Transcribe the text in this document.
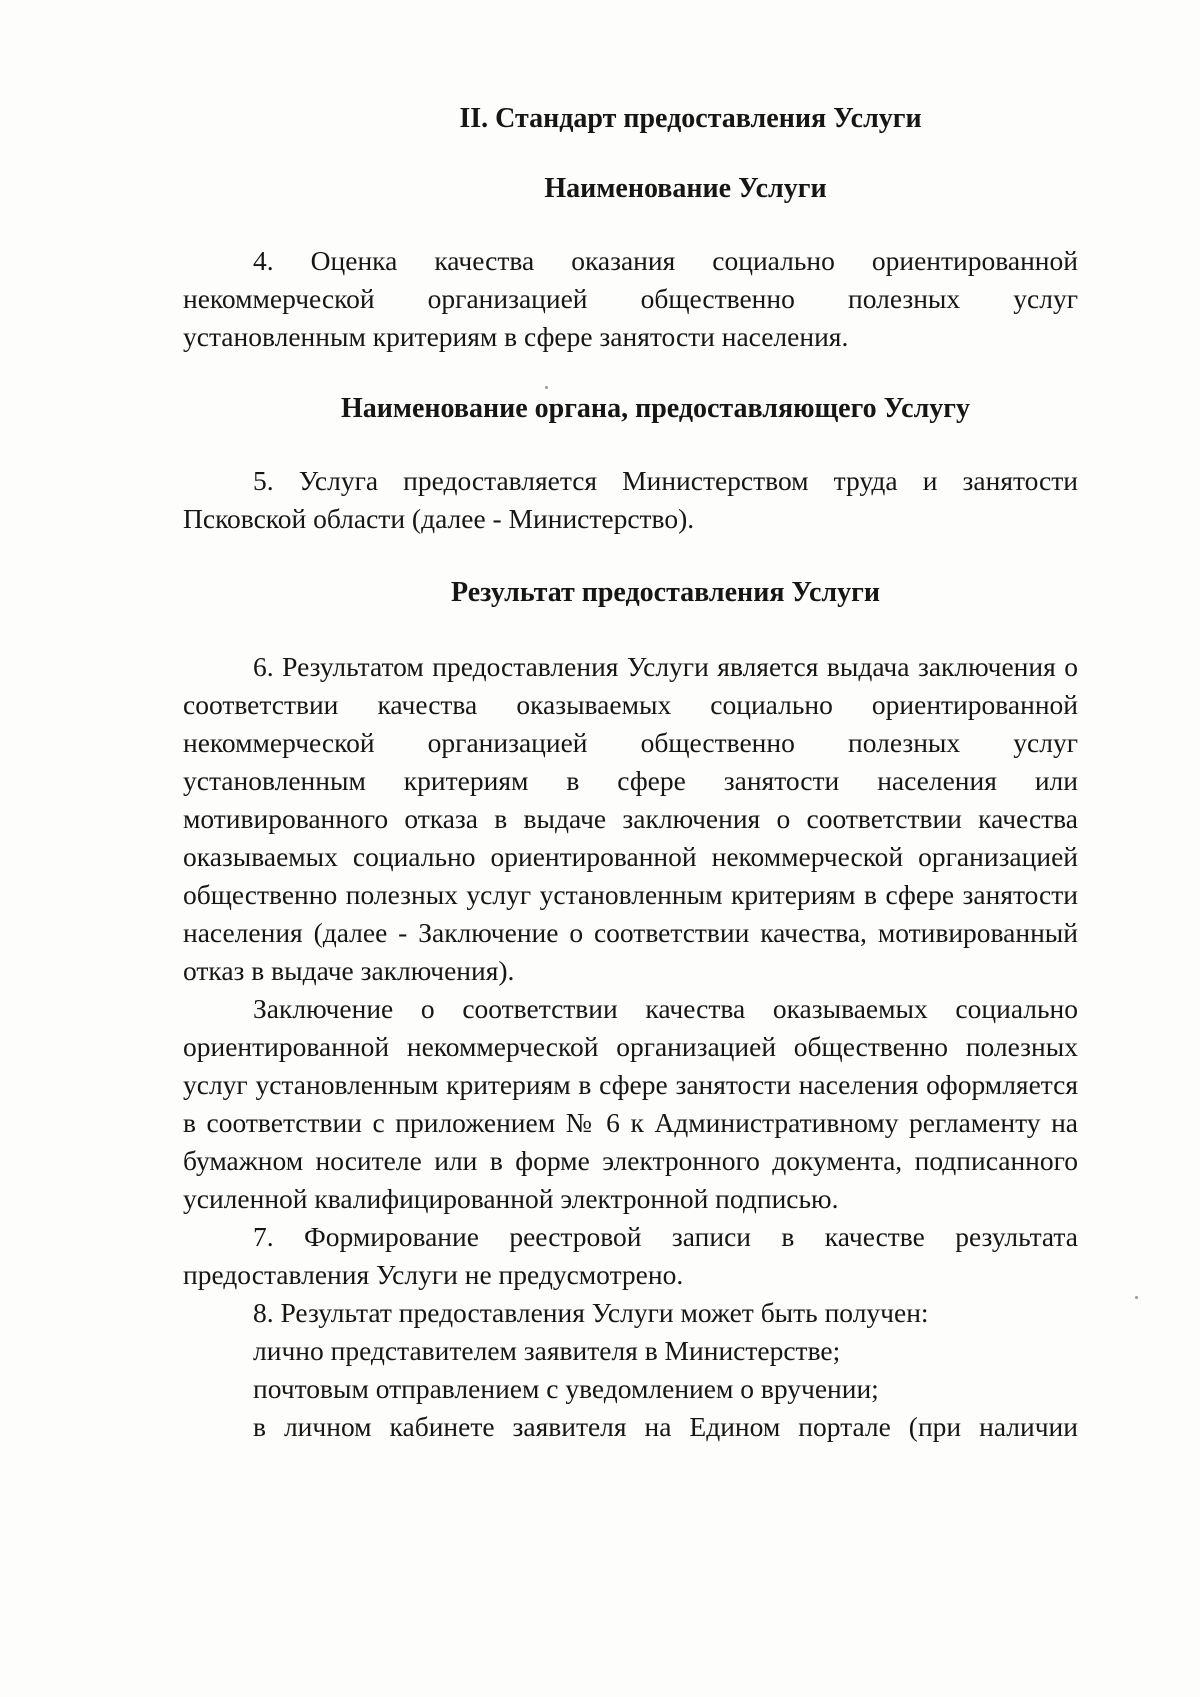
II. Стандарт предоставления Услуги
Наименование Услуги

4. Оценка качества оказания социально ориентированной некоммерческой организацией общественно полезных услуг установленным критериям в сфере занятости населения.

Наименование органа, предоставляющего Услугу

5. Услуга предоставляется Министерством труда и занятости Псковской области (далее - Министерство).

Результат предоставления Услуги

6. Результатом предоставления Услуги является выдача заключения о соответствии качества оказываемых социально ориентированной некоммерческой организацией общественно полезных услуг установленным критериям в сфере занятости населения или мотивированного отказа в выдаче заключения о соответствии качества оказываемых социально ориентированной некоммерческой организацией общественно полезных услуг установленным критериям в сфере занятости населения (далее - Заключение о соответствии качества, мотивированный отказ в выдаче заключения).

Заключение о соответствии качества оказываемых социально ориентированной некоммерческой организацией общественно полезных услуг установленным критериям в сфере занятости населения оформляется в соответствии с приложением № 6 к Административному регламенту на бумажном носителе или в форме электронного документа, подписанного усиленной квалифицированной электронной подписью.

7. Формирование реестровой записи в качестве результата предоставления Услуги не предусмотрено.

8. Результат предоставления Услуги может быть получен:

лично представителем заявителя в Министерстве;

почтовым отправлением с уведомлением о вручении;

в личном кабинете заявителя на Едином портале (при наличии
